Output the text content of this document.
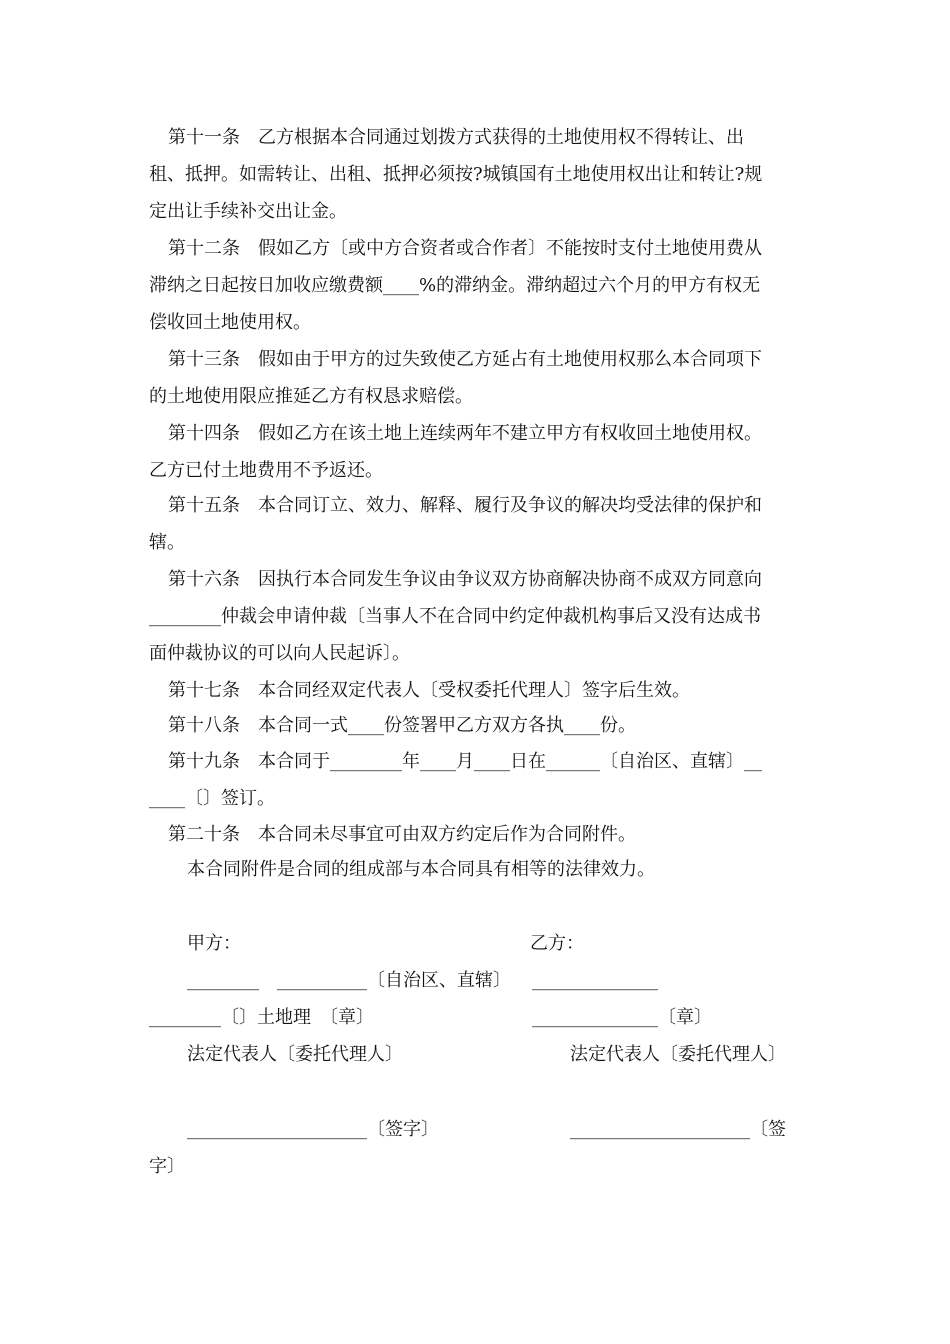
第十一条　乙方根据本合同通过划拨方式获得的土地使用权不得转让、出
租、抵押。如需转让、出租、抵押必须按?城镇国有土地使用权出让和转让?规
定出让手续补交出让金。
第十二条　假如乙方〔或中方合资者或合作者〕不能按时支付土地使用费从
滞纳之日起按日加收应缴费额____%的滞纳金。滞纳超过六个月的甲方有权无
偿收回土地使用权。
第十三条　假如由于甲方的过失致使乙方延占有土地使用权那么本合同项下
的土地使用限应推延乙方有权恳求赔偿。
第十四条　假如乙方在该土地上连续两年不建立甲方有权收回土地使用权。
乙方已付土地费用不予返还。
第十五条　本合同订立、效力、解释、履行及争议的解决均受法律的保护和
辖。
第十六条　因执行本合同发生争议由争议双方协商解决协商不成双方同意向
________仲裁会申请仲裁〔当事人不在合同中约定仲裁机构事后又没有达成书
面仲裁协议的可以向人民起诉〕。
第十七条　本合同经双定代表人〔受权委托代理人〕签字后生效。
第十八条　本合同一式____份签署甲乙方双方各执____份。
第十九条　本合同于________年____月____日在______〔自治区、直辖〕__
____〔〕签订。
第二十条　本合同未尽事宜可由双方约定后作为合同附件。
本合同附件是合同的组成部与本合同具有相等的法律效力。
甲方：	乙方：
________　__________〔自治区、直辖〕 ______________
________〔〕土地理　〔章〕	______________〔章〕
法定代表人〔委托代理人〕	法定代表人〔委托代理人〕
____________________〔签字〕	____________________〔签
字〕
